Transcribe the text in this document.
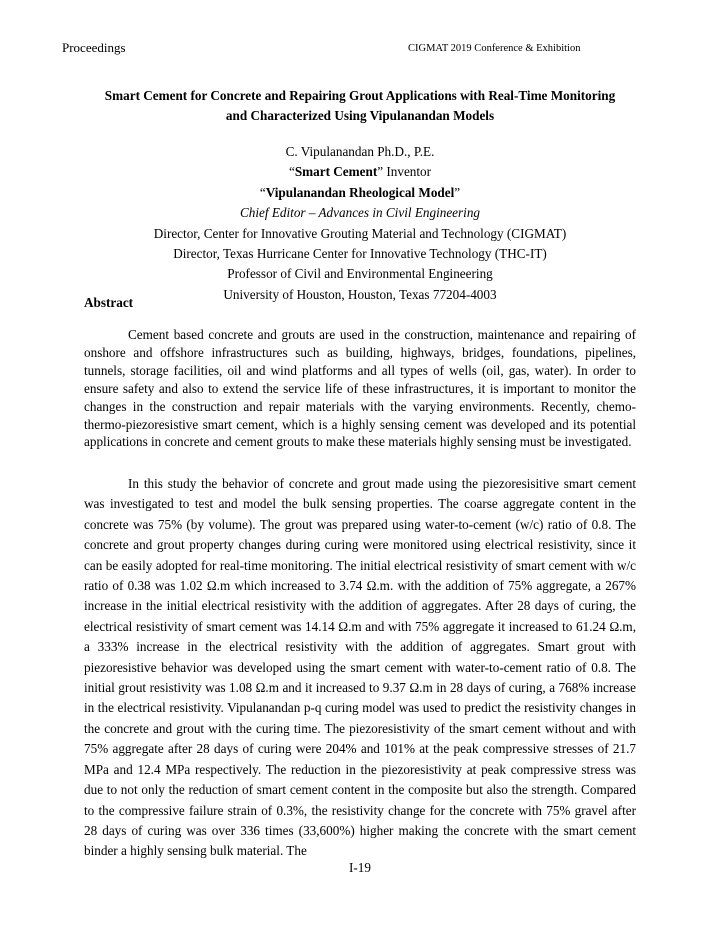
Proceedings	CIGMAT 2019 Conference & Exhibition
Smart Cement for Concrete and Repairing Grout Applications with Real-Time Monitoring
and Characterized Using Vipulanandan Models
C. Vipulanandan Ph.D., P.E.
“Smart Cement” Inventor
“Vipulanandan Rheological Model”
Chief Editor – Advances in Civil Engineering
Director, Center for Innovative Grouting Material and Technology (CIGMAT)
Director, Texas Hurricane Center for Innovative Technology (THC-IT)
Professor of Civil and Environmental Engineering
University of Houston, Houston, Texas 77204-4003
Abstract

Cement based concrete and grouts are used in the construction, maintenance and repairing of onshore and offshore infrastructures such as building, highways, bridges, foundations, pipelines, tunnels, storage facilities, oil and wind platforms and all types of wells (oil, gas, water). In order to ensure safety and also to extend the service life of these infrastructures, it is important to monitor the changes in the construction and repair materials with the varying environments. Recently, chemo-thermo-piezoresistive smart cement, which is a highly sensing cement was developed and its potential applications in concrete and cement grouts to make these materials highly sensing must be investigated.

In this study the behavior of concrete and grout made using the piezoresisitive smart cement was investigated to test and model the bulk sensing properties. The coarse aggregate content in the concrete was 75% (by volume). The grout was prepared using water-to-cement (w/c) ratio of 0.8. The concrete and grout property changes during curing were monitored using electrical resistivity, since it can be easily adopted for real-time monitoring. The initial electrical resistivity of smart cement with w/c ratio of 0.38 was 1.02 Ω.m which increased to 3.74 Ω.m. with the addition of 75% aggregate, a 267% increase in the initial electrical resistivity with the addition of aggregates. After 28 days of curing, the electrical resistivity of smart cement was 14.14 Ω.m and with 75% aggregate it increased to 61.24 Ω.m, a 333% increase in the electrical resistivity with the addition of aggregates. Smart grout with piezoresistive behavior was developed using the smart cement with water-to-cement ratio of 0.8. The initial grout resistivity was 1.08 Ω.m and it increased to 9.37 Ω.m in 28 days of curing, a 768% increase in the electrical resistivity. Vipulanandan p-q curing model was used to predict the resistivity changes in the concrete and grout with the curing time. The piezoresistivity of the smart cement without and with 75% aggregate after 28 days of curing were 204% and 101% at the peak compressive stresses of 21.7 MPa and 12.4 MPa respectively. The reduction in the piezoresistivity at peak compressive stress was due to not only the reduction of smart cement content in the composite but also the strength. Compared to the compressive failure strain of 0.3%, the resistivity change for the concrete with 75% gravel after 28 days of curing was over 336 times (33,600%) higher making the concrete with the smart cement binder a highly sensing bulk material. The

I-19
